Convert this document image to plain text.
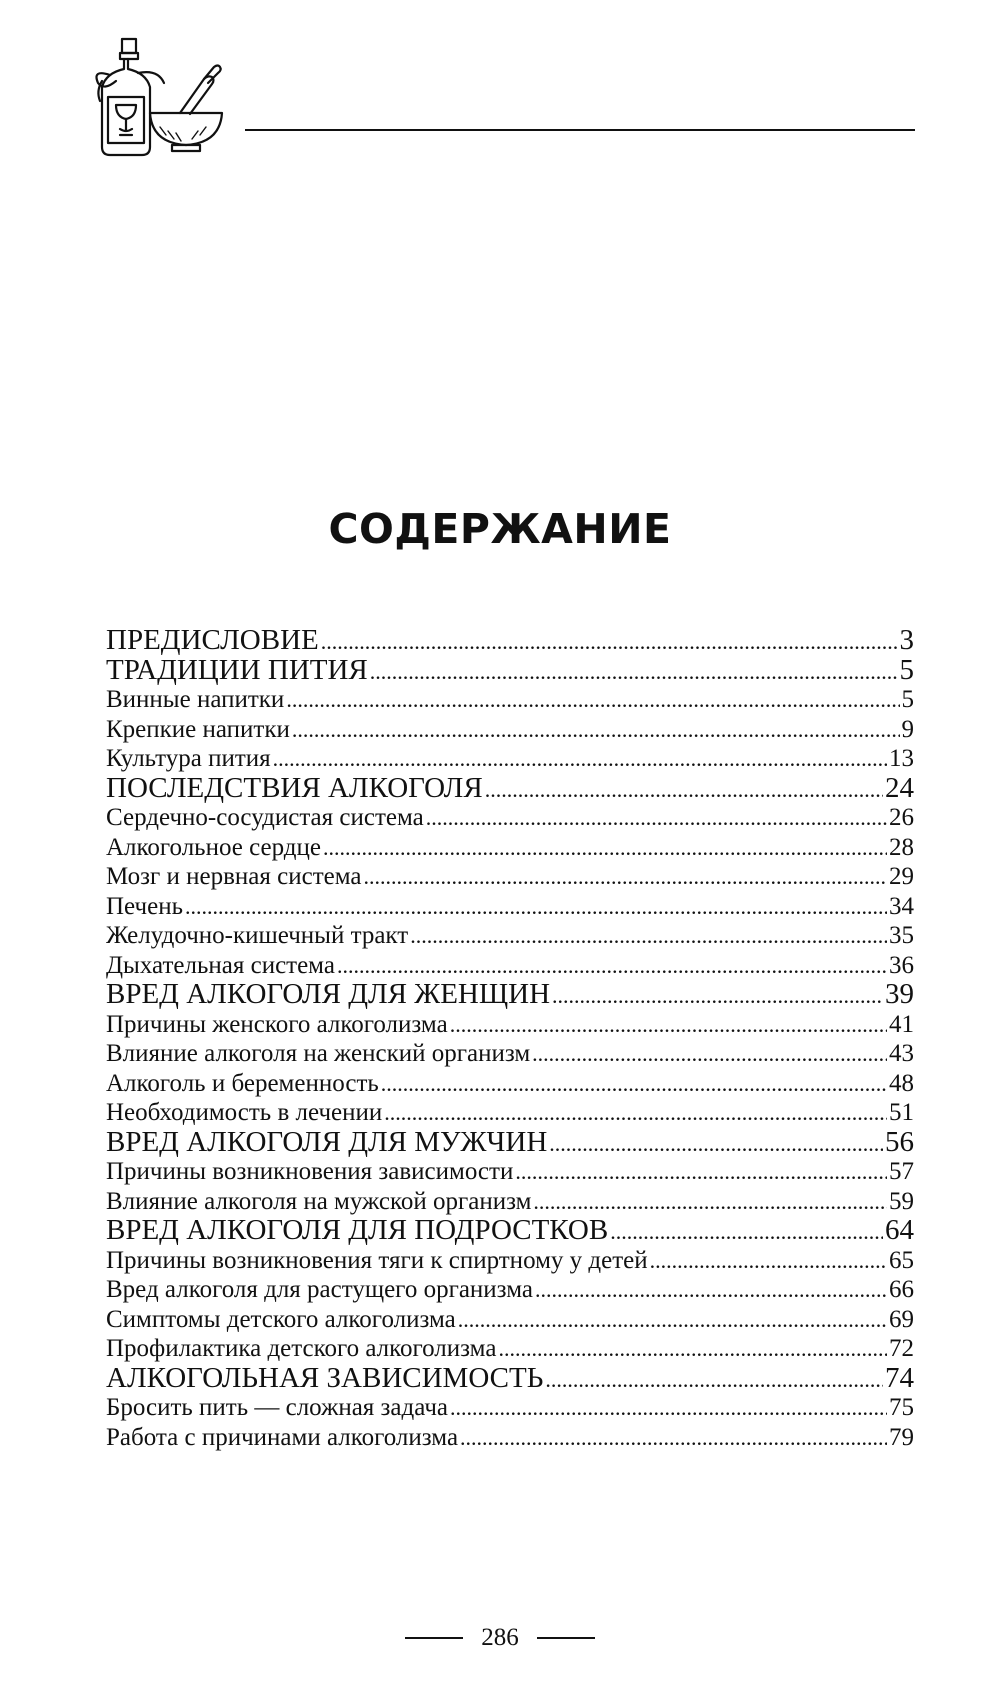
СОДЕРЖАНИЕ
ПРЕДИСЛОВИЕ .....	3
ТРАДИЦИИ ПИТИЯ .....	5
Винные напитки .....	5
Крепкие напитки .....	9
Культура пития .....	13
ПОСЛЕДСТВИЯ АЛКОГОЛЯ .....	24
Сердечно-сосудистая система .....	26
Алкогольное сердце .....	28
Мозг и нервная система .....	29
Печень .....	34
Желудочно-кишечный тракт .....	35
Дыхательная система .....	36
ВРЕД АЛКОГОЛЯ ДЛЯ ЖЕНЩИН .....	39
Причины женского алкоголизма .....	41
Влияние алкоголя на женский организм .....	43
Алкоголь и беременность .....	48
Необходимость в лечении .....	51
ВРЕД АЛКОГОЛЯ ДЛЯ МУЖЧИН .....	56
Причины возникновения зависимости .....	57
Влияние алкоголя на мужской организм .....	59
ВРЕД АЛКОГОЛЯ ДЛЯ ПОДРОСТКОВ .....	64
Причины возникновения тяги к спиртному у детей .....	65
Вред алкоголя для растущего организма .....	66
Симптомы детского алкоголизма .....	69
Профилактика детского алкоголизма .....	72
АЛКОГОЛЬНАЯ ЗАВИСИМОСТЬ .....	74
Бросить пить — сложная задача .....	75
Работа с причинами алкоголизма .....	79
286
